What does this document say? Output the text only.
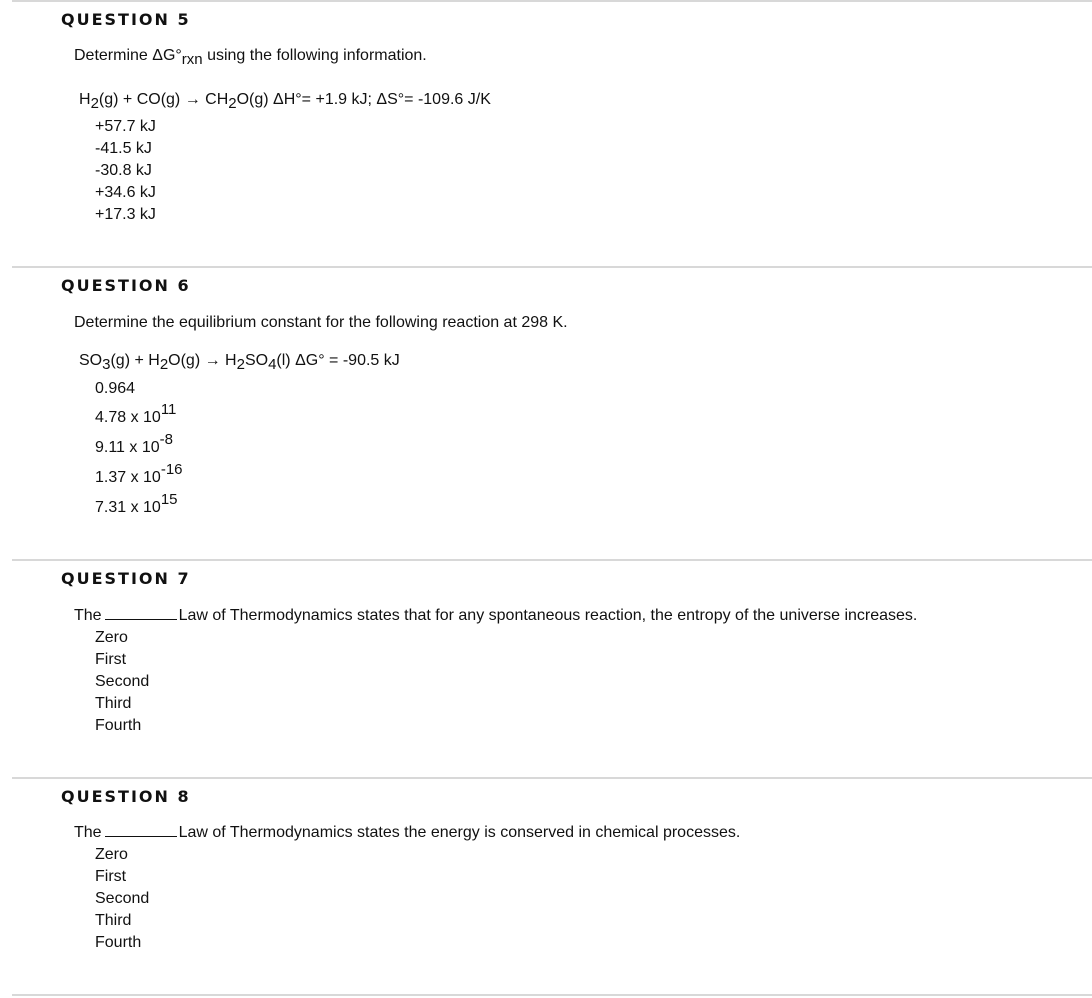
QUESTION 5
Determine ΔG°rxn using the following information.
H2(g) + CO(g) → CH2O(g) ΔH°= +1.9 kJ; ΔS°= -109.6 J/K
+57.7 kJ
-41.5 kJ
-30.8 kJ
+34.6 kJ
+17.3 kJ
QUESTION 6
Determine the equilibrium constant for the following reaction at 298 K.
SO3(g) + H2O(g) → H2SO4(l) ΔG° = -90.5 kJ
0.964
4.78 x 1011
9.11 x 10-8
1.37 x 10-16
7.31 x 1015
QUESTION 7
The	Law of Thermodynamics states that for any spontaneous reaction, the entropy of the universe increases.
Zero
First
Second
Third
Fourth
QUESTION 8
The	Law of Thermodynamics states the energy is conserved in chemical processes.
Zero
First
Second
Third
Fourth
